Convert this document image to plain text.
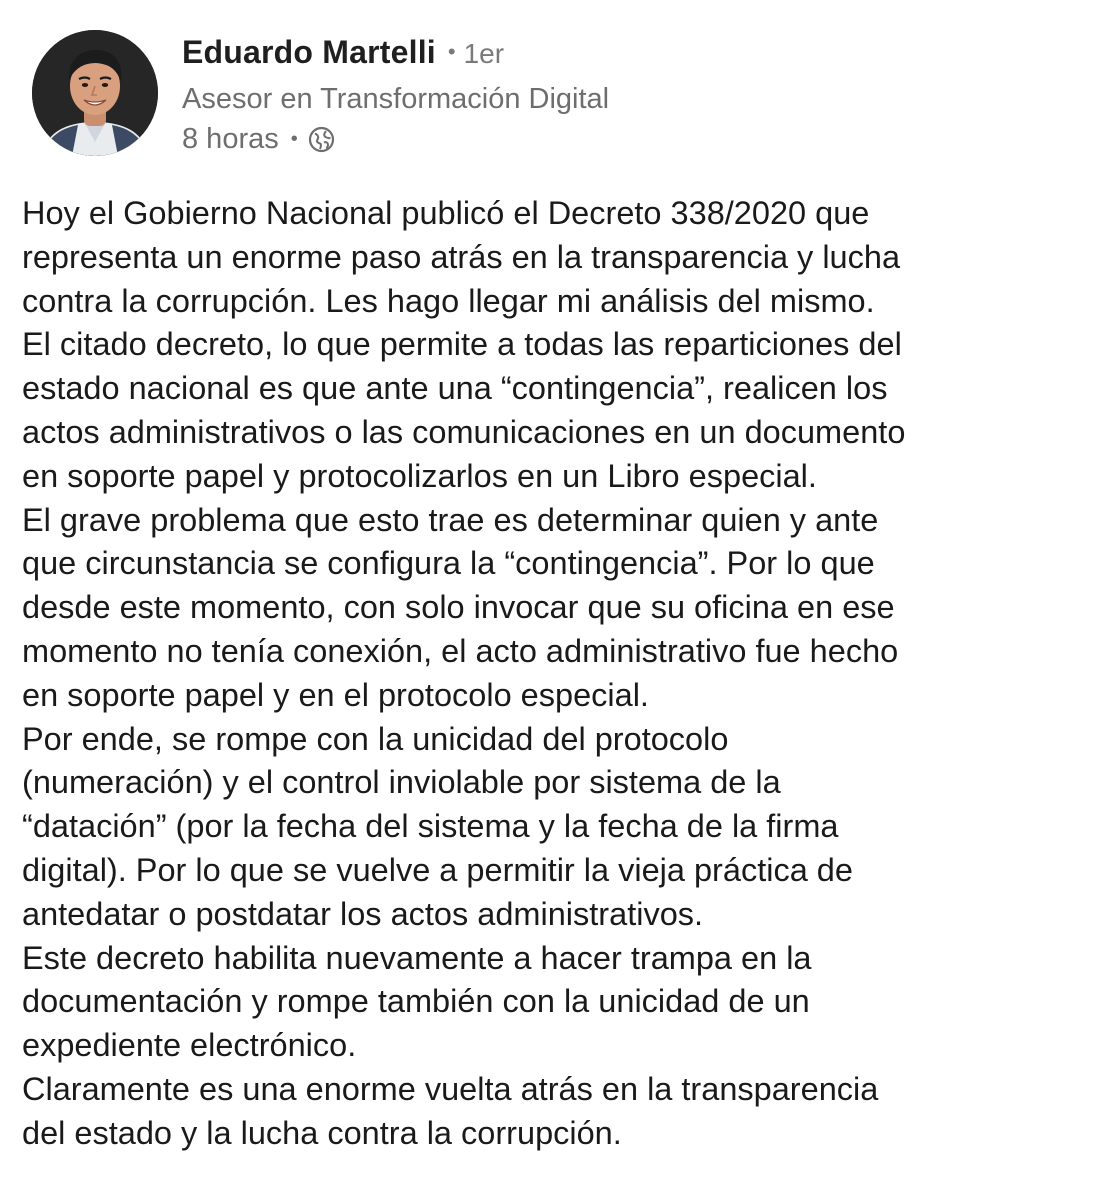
Eduardo Martelli • 1er
Asesor en Transformación Digital
8 horas •

Hoy el Gobierno Nacional publicó el Decreto 338/2020 que
representa un enorme paso atrás en la transparencia y lucha
contra la corrupción. Les hago llegar mi análisis del mismo.

El citado decreto, lo que permite a todas las reparticiones del
estado nacional es que ante una “contingencia”, realicen los
actos administrativos o las comunicaciones en un documento
en soporte papel y protocolizarlos en un Libro especial.

El grave problema que esto trae es determinar quien y ante
que circunstancia se configura la “contingencia”. Por lo que
desde este momento, con solo invocar que su oficina en ese
momento no tenía conexión, el acto administrativo fue hecho
en soporte papel y en el protocolo especial.

Por ende, se rompe con la unicidad del protocolo
(numeración) y el control inviolable por sistema de la
“datación” (por la fecha del sistema y la fecha de la firma
digital). Por lo que se vuelve a permitir la vieja práctica de
antedatar o postdatar los actos administrativos.

Este decreto habilita nuevamente a hacer trampa en la
documentación y rompe también con la unicidad de un
expediente electrónico.

Claramente es una enorme vuelta atrás en la transparencia
del estado y la lucha contra la corrupción.
